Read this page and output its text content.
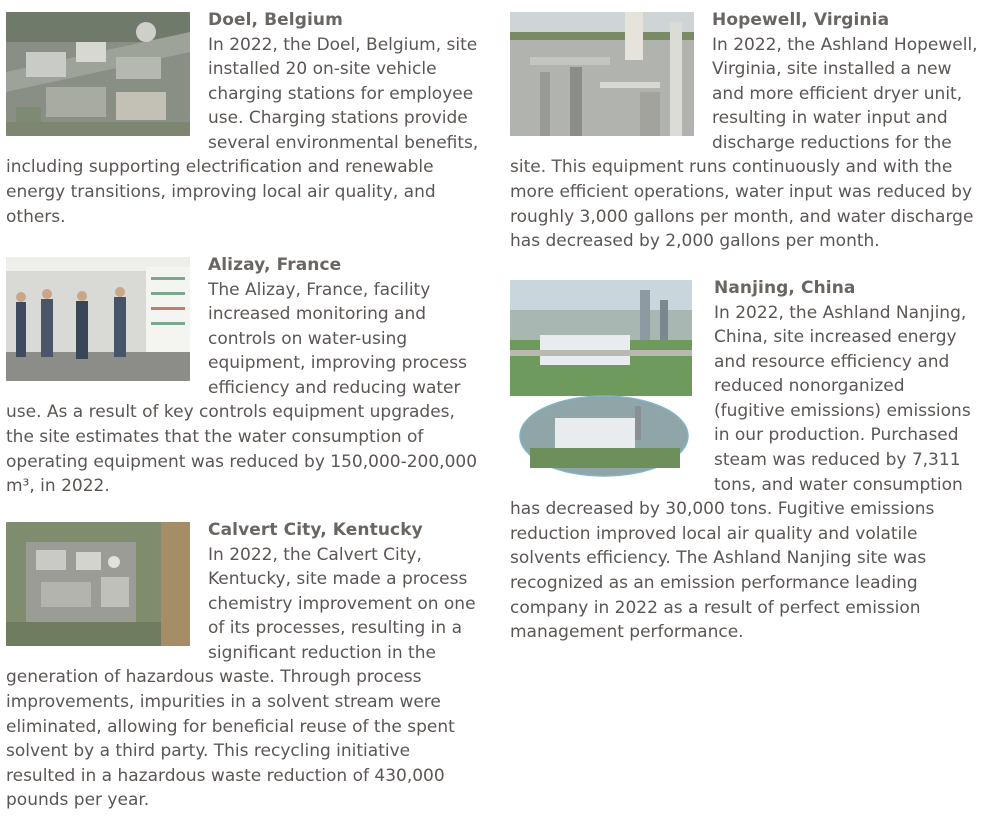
Doel, Belgium

In 2022, the Doel, Belgium, site installed 20 on-site vehicle charging stations for employee use. Charging stations provide several environmental benefits, including supporting electrification and renewable energy transitions, improving local air quality, and others.

Alizay, France

The Alizay, France, facility increased monitoring and controls on water-using equipment, improving process efficiency and reducing water use. As a result of key controls equipment upgrades, the site estimates that the water consumption of operating equipment was reduced by 150,000-200,000 m³, in 2022.

Calvert City, Kentucky

In 2022, the Calvert City, Kentucky, site made a process chemistry improvement on one of its processes, resulting in a significant reduction in the generation of hazardous waste. Through process improvements, impurities in a solvent stream were eliminated, allowing for beneficial reuse of the spent solvent by a third party. This recycling initiative resulted in a hazardous waste reduction of 430,000 pounds per year.

Hopewell, Virginia

In 2022, the Ashland Hopewell, Virginia, site installed a new and more efficient dryer unit, resulting in water input and discharge reductions for the site. This equipment runs continuously and with the more efficient operations, water input was reduced by roughly 3,000 gallons per month, and water discharge has decreased by 2,000 gallons per month.

Nanjing, China

In 2022, the Ashland Nanjing, China, site increased energy and resource efficiency and reduced nonorganized (fugitive emissions) emissions in our production. Purchased steam was reduced by 7,311 tons, and water consumption has decreased by 30,000 tons. Fugitive emissions reduction improved local air quality and volatile solvents efficiency. The Ashland Nanjing site was recognized as an emission performance leading company in 2022 as a result of perfect emission management performance.
